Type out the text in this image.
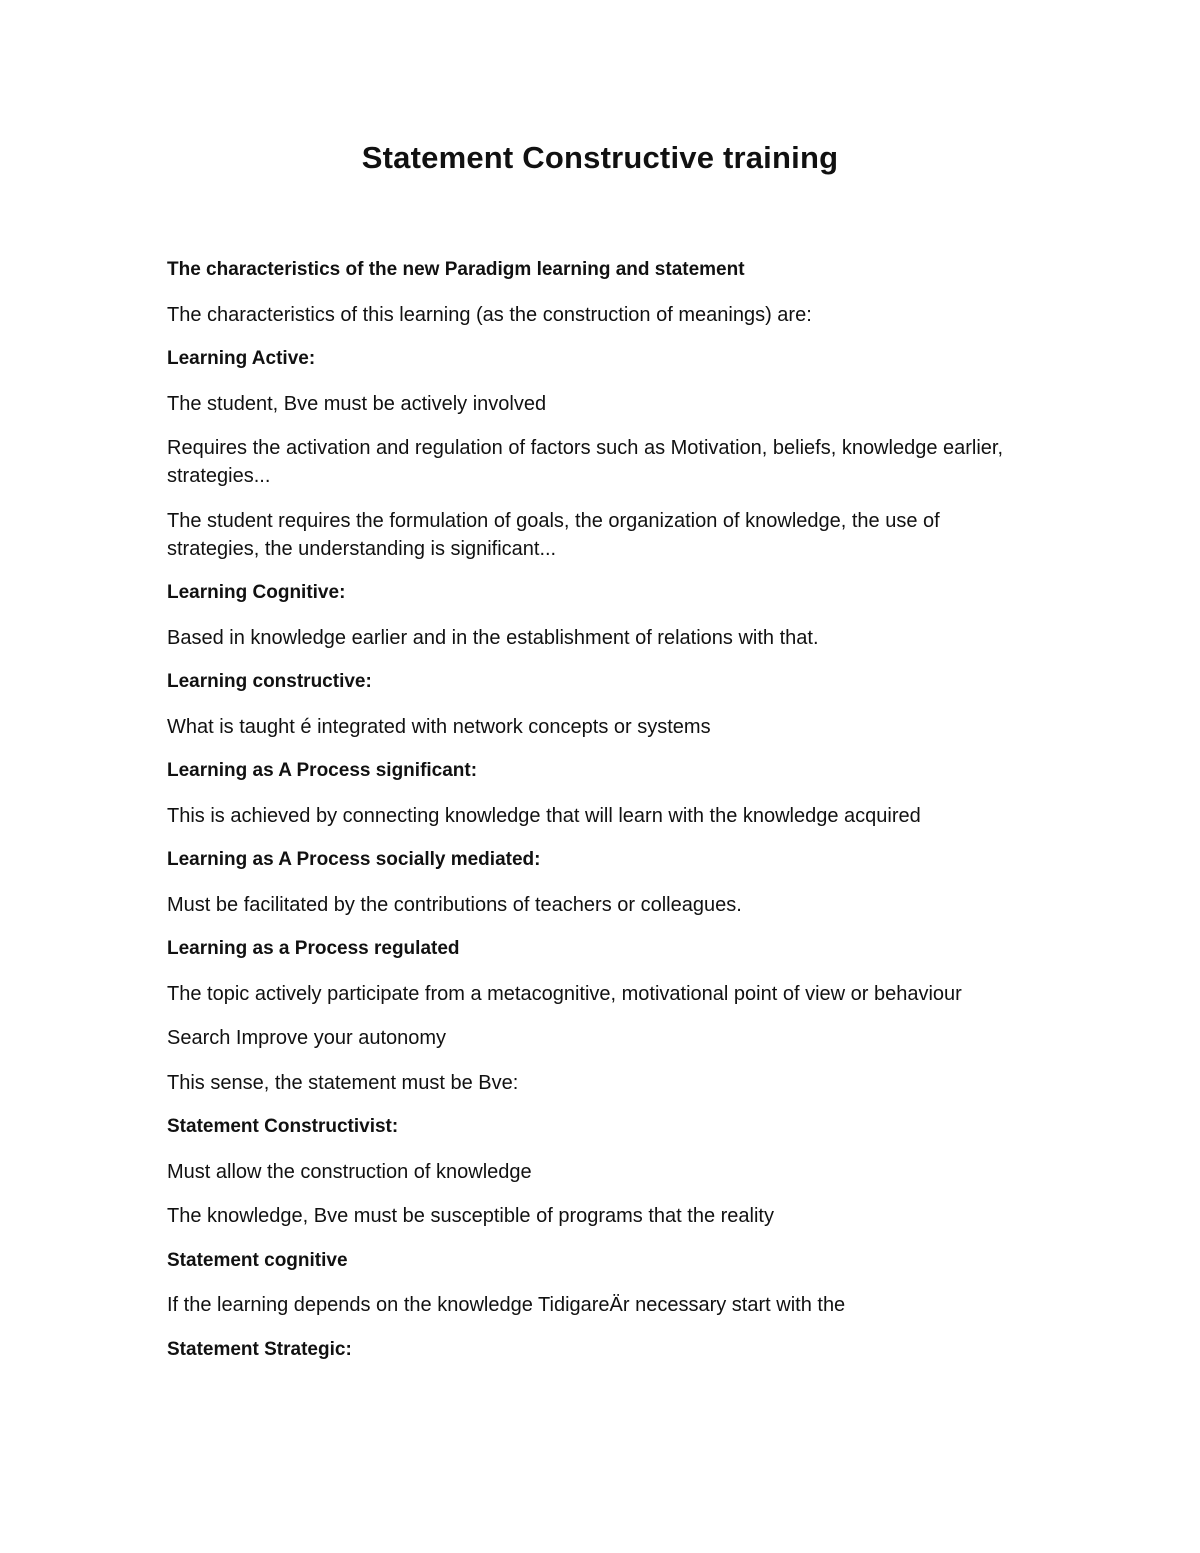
Statement Constructive training

The characteristics of the new Paradigm learning and statement

The characteristics of this learning (as the construction of meanings) are:

Learning Active:

The student, Bve must be actively involved

Requires the activation and regulation of factors such as Motivation, beliefs, knowledge earlier, strategies...

The student requires the formulation of goals, the organization of knowledge, the use of strategies, the understanding is significant...

Learning Cognitive:

Based in knowledge earlier and in the establishment of relations with that.

Learning constructive:

What is taught é integrated with network concepts or systems

Learning as A Process significant:

This is achieved by connecting knowledge that will learn with the knowledge acquired

Learning as A Process socially mediated:

Must be facilitated by the contributions of teachers or colleagues.

Learning as a Process regulated

The topic actively participate from a metacognitive, motivational point of view or behaviour

Search Improve your autonomy

This sense, the statement must be Bve:

Statement Constructivist:

Must allow the construction of knowledge

The knowledge, Bve must be susceptible of programs that the reality

Statement cognitive

If the learning depends on the knowledge TidigareÄr necessary start with the

Statement Strategic:
